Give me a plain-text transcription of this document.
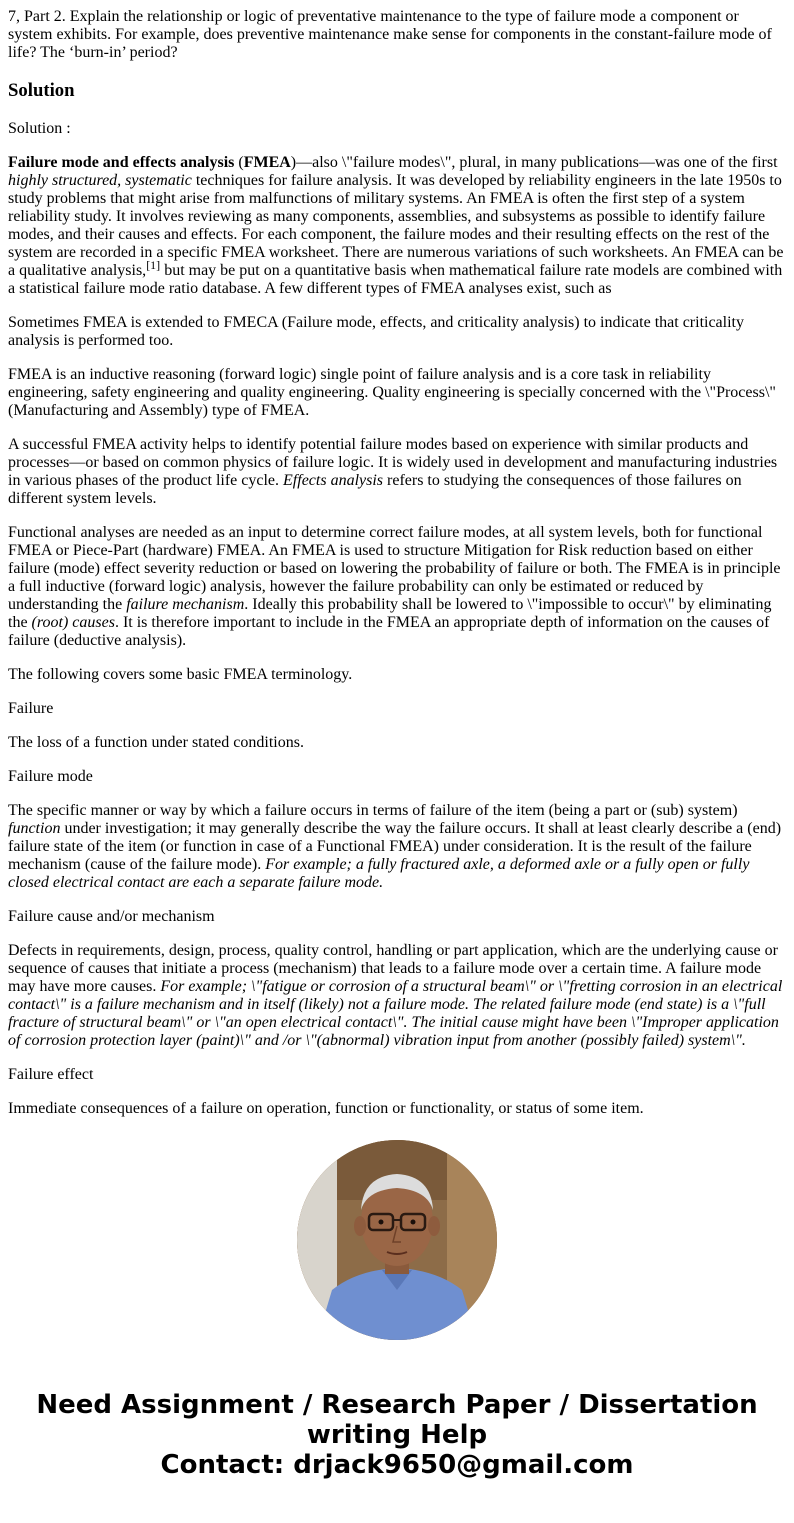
7, Part 2. Explain the relationship or logic of preventative maintenance to the type of failure mode a component or system exhibits. For example, does preventive maintenance make sense for components in the constant-failure mode of life? The ‘burn-in’ period?

Solution

Solution :

Failure mode and effects analysis (FMEA)—also \"failure modes\", plural, in many publications—was one of the first highly structured, systematic techniques for failure analysis. It was developed by reliability engineers in the late 1950s to study problems that might arise from malfunctions of military systems. An FMEA is often the first step of a system reliability study. It involves reviewing as many components, assemblies, and subsystems as possible to identify failure modes, and their causes and effects. For each component, the failure modes and their resulting effects on the rest of the system are recorded in a specific FMEA worksheet. There are numerous variations of such worksheets. An FMEA can be a qualitative analysis,[1] but may be put on a quantitative basis when mathematical failure rate models are combined with a statistical failure mode ratio database. A few different types of FMEA analyses exist, such as

Sometimes FMEA is extended to FMECA (Failure mode, effects, and criticality analysis) to indicate that criticality analysis is performed too.

FMEA is an inductive reasoning (forward logic) single point of failure analysis and is a core task in reliability engineering, safety engineering and quality engineering. Quality engineering is specially concerned with the \"Process\" (Manufacturing and Assembly) type of FMEA.

A successful FMEA activity helps to identify potential failure modes based on experience with similar products and processes—or based on common physics of failure logic. It is widely used in development and manufacturing industries in various phases of the product life cycle. Effects analysis refers to studying the consequences of those failures on different system levels.

Functional analyses are needed as an input to determine correct failure modes, at all system levels, both for functional FMEA or Piece-Part (hardware) FMEA. An FMEA is used to structure Mitigation for Risk reduction based on either failure (mode) effect severity reduction or based on lowering the probability of failure or both. The FMEA is in principle a full inductive (forward logic) analysis, however the failure probability can only be estimated or reduced by understanding the failure mechanism. Ideally this probability shall be lowered to \"impossible to occur\" by eliminating the (root) causes. It is therefore important to include in the FMEA an appropriate depth of information on the causes of failure (deductive analysis).

The following covers some basic FMEA terminology.

Failure

The loss of a function under stated conditions.

Failure mode

The specific manner or way by which a failure occurs in terms of failure of the item (being a part or (sub) system) function under investigation; it may generally describe the way the failure occurs. It shall at least clearly describe a (end) failure state of the item (or function in case of a Functional FMEA) under consideration. It is the result of the failure mechanism (cause of the failure mode). For example; a fully fractured axle, a deformed axle or a fully open or fully closed electrical contact are each a separate failure mode.

Failure cause and/or mechanism

Defects in requirements, design, process, quality control, handling or part application, which are the underlying cause or sequence of causes that initiate a process (mechanism) that leads to a failure mode over a certain time. A failure mode may have more causes. For example; \"fatigue or corrosion of a structural beam\" or \"fretting corrosion in an electrical contact\" is a failure mechanism and in itself (likely) not a failure mode. The related failure mode (end state) is a \"full fracture of structural beam\" or \"an open electrical contact\". The initial cause might have been \"Improper application of corrosion protection layer (paint)\" and /or \"(abnormal) vibration input from another (possibly failed) system\".

Failure effect

Immediate consequences of a failure on operation, function or functionality, or status of some item.

Need Assignment / Research Paper / Dissertation
writing Help
Contact: drjack9650@gmail.com
